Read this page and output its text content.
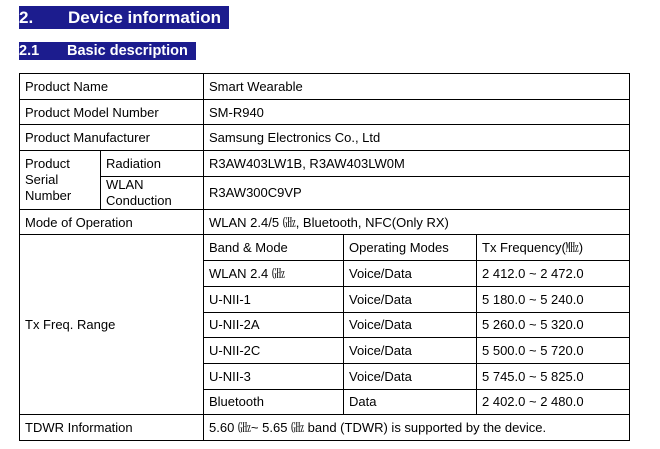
2.	Device information
2.1	Basic description
Product Name		Smart Wearable		
Product Model Number		SM-R940		
Product Manufacturer		Samsung Electronics Co., Ltd		
Product Serial Number	Radiation	R3AW403LW1B, R3AW403LW0M		
	WLAN Conduction	R3AW300C9VP		
Mode of Operation		WLAN 2.4/5 ㎓, Bluetooth, NFC(Only RX)		
Tx Freq. Range		Band & Mode	Operating Modes	Tx Frequency(㎒)
		WLAN 2.4 ㎓	Voice/Data	2 412.0 ~ 2 472.0
		U-NII-1	Voice/Data	5 180.0 ~ 5 240.0
		U-NII-2A	Voice/Data	5 260.0 ~ 5 320.0
		U-NII-2C	Voice/Data	5 500.0 ~ 5 720.0
		U-NII-3	Voice/Data	5 745.0 ~ 5 825.0
		Bluetooth	Data	2 402.0 ~ 2 480.0
TDWR Information		5.60 ㎓~ 5.65 ㎓ band (TDWR) is supported by the device.		
